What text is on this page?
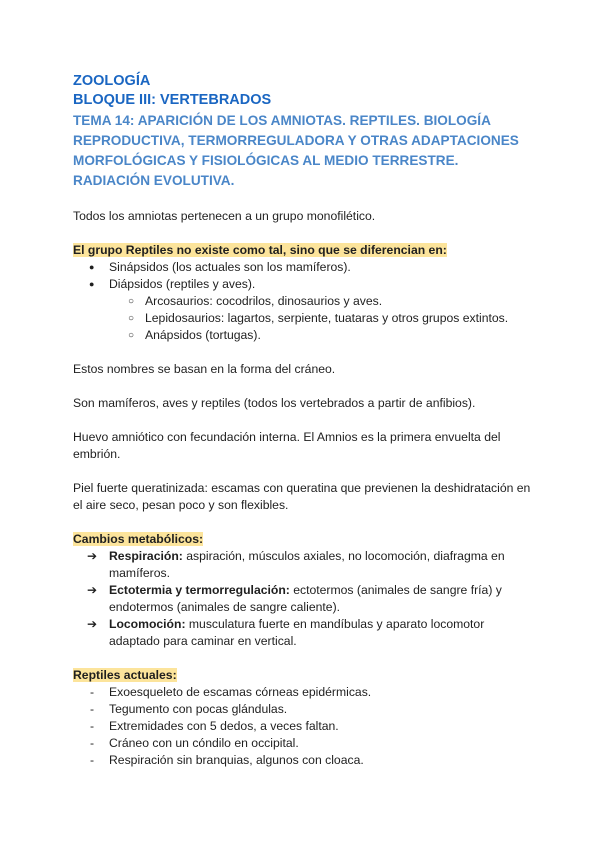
ZOOLOGÍA
BLOQUE III: VERTEBRADOS
TEMA 14: APARICIÓN DE LOS AMNIOTAS. REPTILES. BIOLOGÍA REPRODUCTIVA, TERMORREGULADORA Y OTRAS ADAPTACIONES MORFOLÓGICAS Y FISIOLÓGICAS AL MEDIO TERRESTRE. RADIACIÓN EVOLUTIVA.

Todos los amniotas pertenecen a un grupo monofilético.

El grupo Reptiles no existe como tal, sino que se diferencian en:

● Sinápsidos (los actuales son los mamíferos).
● Diápsidos (reptiles y aves).
○ Arcosaurios: cocodrilos, dinosaurios y aves.
○ Lepidosaurios: lagartos, serpiente, tuataras y otros grupos extintos.
○ Anápsidos (tortugas).

Estos nombres se basan en la forma del cráneo.

Son mamíferos, aves y reptiles (todos los vertebrados a partir de anfibios).

Huevo amniótico con fecundación interna. El Amnios es la primera envuelta del embrión.

Piel fuerte queratinizada: escamas con queratina que previenen la deshidratación en el aire seco, pesan poco y son flexibles.

Cambios metabólicos:

➔ Respiración: aspiración, músculos axiales, no locomoción, diafragma en mamíferos.
➔ Ectotermia y termorregulación: ectotermos (animales de sangre fría) y endotermos (animales de sangre caliente).
➔ Locomoción: musculatura fuerte en mandíbulas y aparato locomotor adaptado para caminar en vertical.

Reptiles actuales:

- Exoesqueleto de escamas córneas epidérmicas.
- Tegumento con pocas glándulas.
- Extremidades con 5 dedos, a veces faltan.
- Cráneo con un cóndilo en occipital.
- Respiración sin branquias, algunos con cloaca.
